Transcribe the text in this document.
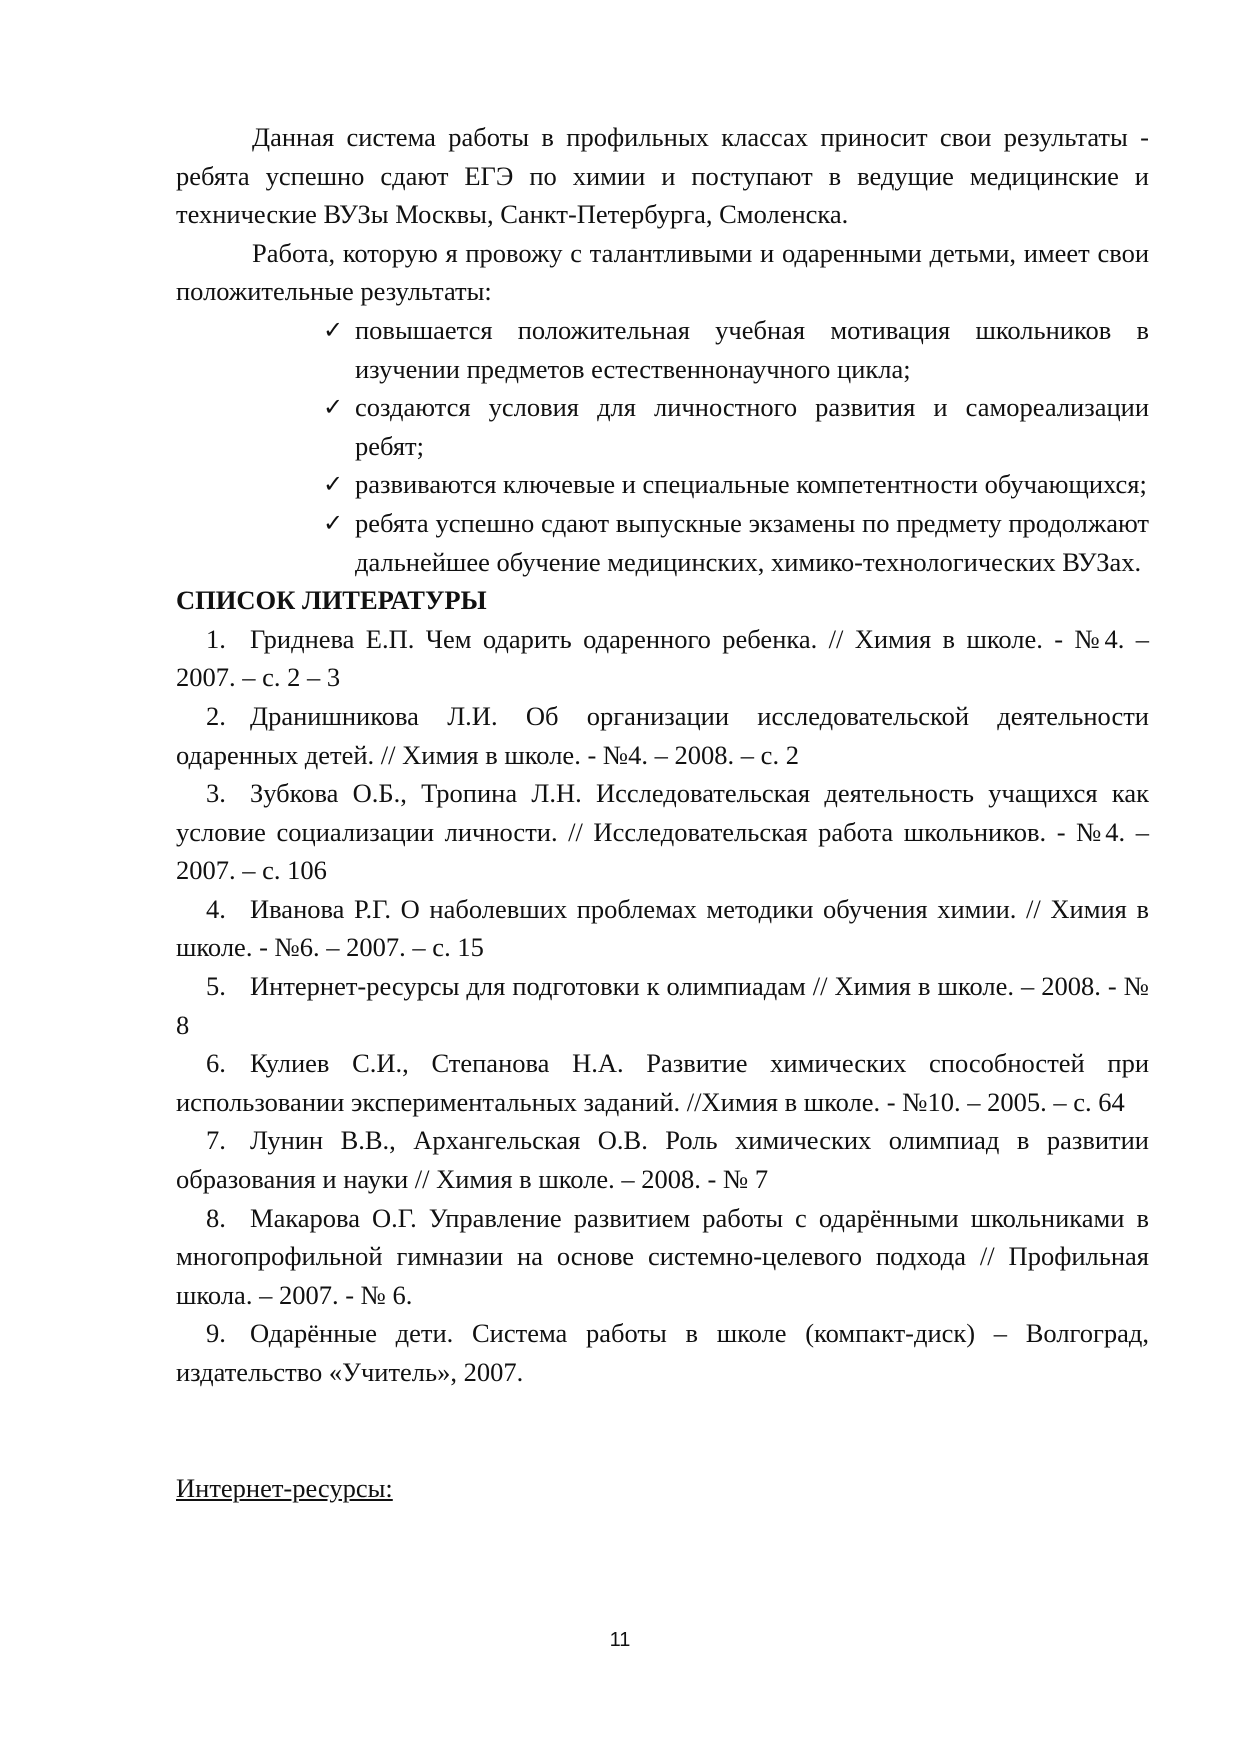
Данная система работы в профильных классах приносит свои результаты - ребята успешно сдают ЕГЭ по химии и поступают в ведущие медицинские и технические ВУЗы Москвы, Санкт-Петербурга, Смоленска.

Работа, которую я провожу с талантливыми и одаренными детьми, имеет свои положительные результаты:

✓ повышается положительная учебная мотивация школьников в изучении предметов естественнонаучного цикла;
✓ создаются условия для личностного развития и самореализации ребят;
✓ развиваются ключевые и специальные компетентности обучающихся;
✓ ребята успешно сдают выпускные экзамены по предмету продолжают дальнейшее обучение медицинских, химико-технологических ВУЗах.
СПИСОК ЛИТЕРАТУРЫ
1. Гриднева Е.П. Чем одарить одаренного ребенка. // Химия в школе. - №4. – 2007. – с. 2 – 3
2. Дранишникова Л.И. Об организации исследовательской деятельности одаренных детей. // Химия в школе. - №4. – 2008. – с. 2
3. Зубкова О.Б., Тропина Л.Н. Исследовательская деятельность учащихся как условие социализации личности. // Исследовательская работа школьников. - №4. – 2007. – с. 106
4. Иванова Р.Г. О наболевших проблемах методики обучения химии. // Химия в школе. - №6. – 2007. – с. 15
5. Интернет-ресурсы для подготовки к олимпиадам // Химия в школе. – 2008. - № 8
6. Кулиев С.И., Степанова Н.А. Развитие химических способностей при использовании экспериментальных заданий. //Химия в школе. - №10. – 2005. – с. 64
7. Лунин В.В., Архангельская О.В. Роль химических олимпиад в развитии образования и науки // Химия в школе. – 2008. - № 7
8. Макарова О.Г. Управление развитием работы с одарёнными школьниками в многопрофильной гимназии на основе системно-целевого подхода // Профильная школа. – 2007. - № 6.
9. Одарённые дети. Система работы в школе (компакт-диск) – Волгоград, издательство «Учитель», 2007.

Интернет-ресурсы:

11
